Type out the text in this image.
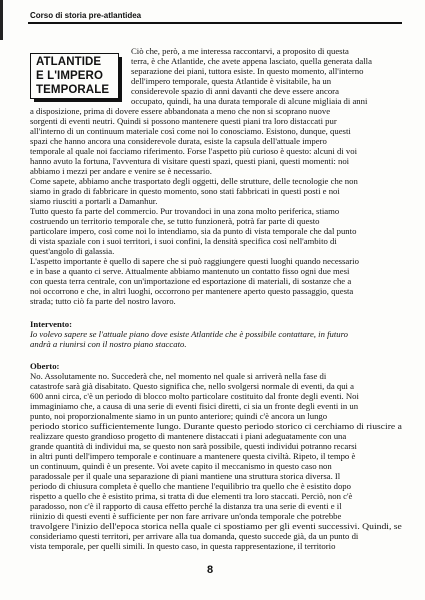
Corso di storia pre-atlantidea
ATLANTIDE
E L'IMPERO
TEMPORALE
Ciò che, però, a me interessa raccontarvi, a proposito di questa
terra, è che Atlantide, che avete appena lasciato, quella generata dalla
separazione dei piani, tuttora esiste. In questo momento, all'interno
dell'impero temporale, questa Atlantide è visitabile, ha un
considerevole spazio di anni davanti che deve essere ancora
occupato, quindi, ha una durata temporale di alcune migliaia di anni
a disposizione, prima di dovere essere abbandonata a meno che non si scoprano nuove
sorgenti di eventi neutri. Quindi si possono mantenere questi piani tra loro distaccati pur
all'interno di un continuum materiale così come noi lo conosciamo. Esistono, dunque, questi
spazi che hanno ancora una considerevole durata, esiste la capsula dell'attuale impero
temporale al quale noi facciamo riferimento. Forse l'aspetto più curioso è questo: alcuni di voi
hanno avuto la fortuna, l'avventura di visitare questi spazi, questi piani, questi momenti: noi
abbiamo i mezzi per andare e venire se è necessario.
Come sapete, abbiamo anche trasportato degli oggetti, delle strutture, delle tecnologie che non
siamo in grado di fabbricare in questo momento, sono stati fabbricati in questi posti e noi
siamo riusciti a portarli a Damanhur.
Tutto questo fa parte del commercio. Pur trovandoci in una zona molto periferica, stiamo
costruendo un territorio temporale che, se tutto funzionerà, potrà far parte di questo
particolare impero, così come noi lo intendiamo, sia da punto di vista temporale che dal punto
di vista spaziale con i suoi territori, i suoi confini, la densità specifica così nell'ambito di
quest'angolo di galassia.
L'aspetto importante è quello di sapere che si può raggiungere questi luoghi quando necessario
e in base a quanto ci serve. Attualmente abbiamo mantenuto un contatto fisso ogni due mesi
con questa terra centrale, con un'importazione ed esportazione di materiali, di sostanze che a
noi occorrono e che, in altri luoghi, occorrono per mantenere aperto questo passaggio, questa
strada; tutto ciò fa parte del nostro lavoro.
Intervento:
Io volevo sapere se l'attuale piano dove esiste Atlantide che è possibile contattare, in futuro
andrà a riunirsi con il nostro piano staccato.
Oberto:
No. Assolutamente no. Succederà che, nel momento nel quale si arriverà nella fase di
catastrofe sarà già disabitato. Questo significa che, nello svolgersi normale di eventi, da qui a
600 anni circa, c'è un periodo di blocco molto particolare costituito dal fronte degli eventi. Noi
immaginiamo che, a causa di una serie di eventi fisici diretti, ci sia un fronte degli eventi in un
punto, noi proporzionalmente siamo in un punto anteriore; quindi c'è ancora un lungo
periodo storico sufficientemente lungo. Durante questo periodo storico ci cerchiamo di riuscire a
realizzare questo grandioso progetto di mantenere distaccati i piani adeguatamente con una
grande quantità di individui ma, se questo non sarà possibile, questi individui potranno recarsi
in altri punti dell'impero temporale e continuare a mantenere questa civiltà. Ripeto, il tempo è
un continuum, quindi è un presente. Voi avete capito il meccanismo in questo caso non
paradossale per il quale una separazione di piani mantiene una struttura storica diversa. Il
periodo di chiusura completa è quello che mantiene l'equilibrio tra quello che è esistito dopo
rispetto a quello che è esistito prima, si tratta di due elementi tra loro staccati. Perciò, non c'è
paradosso, non c'è il rapporto di causa effetto perché la distanza tra una serie di eventi e il
riinizio di questi eventi è sufficiente per non fare arrivare un'onda temporale che potrebbe
travolgere l'inizio dell'epoca storica nella quale ci spostiamo per gli eventi successivi. Quindi, se
consideriamo questi territori, per arrivare alla tua domanda, questo succede già, da un punto di
vista temporale, per quelli simili. In questo caso, in questa rappresentazione, il territorio
8
